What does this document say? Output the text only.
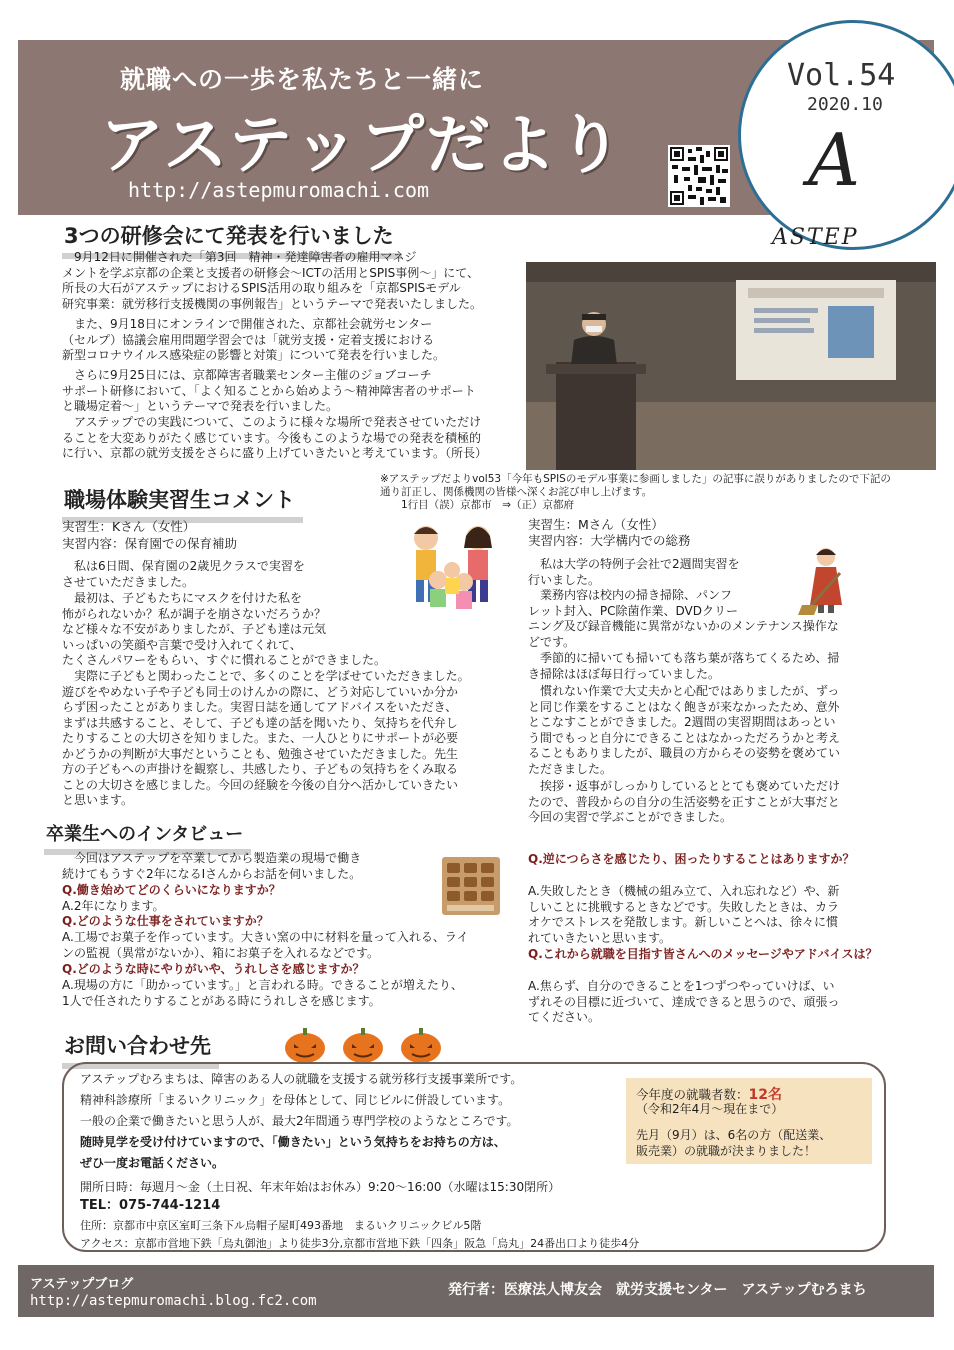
就職への一歩を私たちと一緒に
アステップだより
http://astepmuromachi.com
Vol.54
2020.10
A
3つの研修会にて発表を行いました	ASTEP

　9月12日に開催された「第3回　精神・発達障害者の雇用マネジ
メントを学ぶ京都の企業と支援者の研修会～ICTの活用とSPIS事例～」にて、
所長の大石がアステップにおけるSPIS活用の取り組みを「京都SPISモデル
研究事業：就労移行支援機関の事例報告」というテーマで発表いたしました。

　また、9月18日にオンラインで開催された、京都社会就労センター
（セルプ）協議会雇用問題学習会では「就労支援・定着支援における
新型コロナウイルス感染症の影響と対策」について発表を行いました。

　さらに9月25日には、京都障害者職業センター主催のジョブコーチ
サポート研修において、「よく知ることから始めよう～精神障害者のサポート
と職場定着～」というテーマで発表を行いました。

　アステップでの実践について、このように様々な場所で発表させていただけ
ることを大変ありがたく感じています。今後もこのような場での発表を積極的
に行い、京都の就労支援をさらに盛り上げていきたいと考えています。（所長）

※アステップだよりvol53「今年もSPISのモデル事業に参画しました」の記事に誤りがありましたので下記の
通り訂正し、関係機関の皆様へ深くお詫び申し上げます。
　　1行目（誤）京都市　⇒（正）京都府

職場体験実習生コメント

実習生：Kさん（女性）

実習内容：保育園での保育補助

　私は6日間、保育園の2歳児クラスで実習を
させていただきました。

　最初は、子どもたちにマスクを付けた私を
怖がられないか？私が調子を崩さないだろうか？
など様々な不安がありましたが、子ども達は元気
いっぱいの笑顔や言葉で受け入れてくれて、
たくさんパワーをもらい、すぐに慣れることができました。

　実際に子どもと関わったことで、多くのことを学ばせていただきました。
遊びをやめない子や子ども同士のけんかの際に、どう対応していいか分か
らず困ったことがありました。実習日誌を通してアドバイスをいただき、
まずは共感すること、そして、子ども達の話を聞いたり、気持ちを代弁し
たりすることの大切さを知りました。また、一人ひとりにサポートが必要
かどうかの判断が大事だということも、勉強させていただきました。先生
方の子どもへの声掛けを観察し、共感したり、子どもの気持ちをくみ取る
ことの大切さを感じました。今回の経験を今後の自分へ活かしていきたい
と思います。

実習生：Mさん（女性）

実習内容：大学構内での総務

　私は大学の特例子会社で2週間実習を
行いました。

　業務内容は校内の掃き掃除、パンフ
レット封入、PC除菌作業、DVDクリー
ニング及び録音機能に異常がないかのメンテナンス操作な
どです。

　季節的に掃いても掃いても落ち葉が落ちてくるため、掃
き掃除はほぼ毎日行っていました。

　慣れない作業で大丈夫かと心配ではありましたが、ずっ
と同じ作業をすることはなく飽きが来なかったため、意外
とこなすことができました。2週間の実習期間はあっとい
う間でもっと自分にできることはなかっただろうかと考え
ることもありましたが、職員の方からその姿勢を褒めてい
ただきました。

　挨拶・返事がしっかりしているととても褒めていただけ
たので、普段からの自分の生活姿勢を正すことが大事だと
今回の実習で学ぶことができました。

卒業生へのインタビュー

　今回はアステップを卒業してから製造業の現場で働き
続けてもうすぐ2年になるIさんからお話を伺いました。

Q.働き始めてどのくらいになりますか？

A.2年になります。

Q.どのような仕事をされていますか？

A.工場でお菓子を作っています。大きい窯の中に材料を量って入れる、ライ
ンの監視（異常がないか）、箱にお菓子を入れるなどです。

Q.どのような時にやりがいや、うれしさを感じますか？

A.現場の方に「助かっています。」と言われる時。できることが増えたり、
1人で任されたりすることがある時にうれしさを感じます。

Q.逆につらさを感じたり、困ったりすることはありますか？

A.失敗したとき（機械の組み立て、入れ忘れなど）や、新
しいことに挑戦するときなどです。失敗したときは、カラ
オケでストレスを発散します。新しいことへは、徐々に慣
れていきたいと思います。

Q.これから就職を目指す皆さんへのメッセージやアドバイスは？

A.焦らず、自分のできることを1つずつやっていけば、い
ずれその目標に近づいて、達成できると思うので、頑張っ
てください。

お問い合わせ先

アステップむろまちは、障害のある人の就職を支援する就労移行支援事業所です。

精神科診療所「まるいクリニック」を母体として、同じビルに併設しています。

一般の企業で働きたいと思う人が、最大2年間通う専門学校のようなところです。

随時見学を受け付けていますので、「働きたい」という気持ちをお持ちの方は、

ぜひ一度お電話ください。

開所日時：毎週月～金（土日祝、年末年始はお休み）9:20～16:00（水曜は15:30閉所）

TEL：075-744-1214

住所：京都市中京区室町三条下ル烏帽子屋町493番地　まるいクリニックビル5階

アクセス：京都市営地下鉄「烏丸御池」より徒歩3分,京都市営地下鉄「四条」阪急「烏丸」24番出口より徒歩4分

今年度の就職者数：12名

（令和2年4月～現在まで）

先月（9月）は、6名の方（配送業、
販売業）の就職が決まりました！

アステップブログ
http://astepmuromachi.blog.fc2.com
発行者：医療法人博友会　就労支援センター　アステップむろまち
